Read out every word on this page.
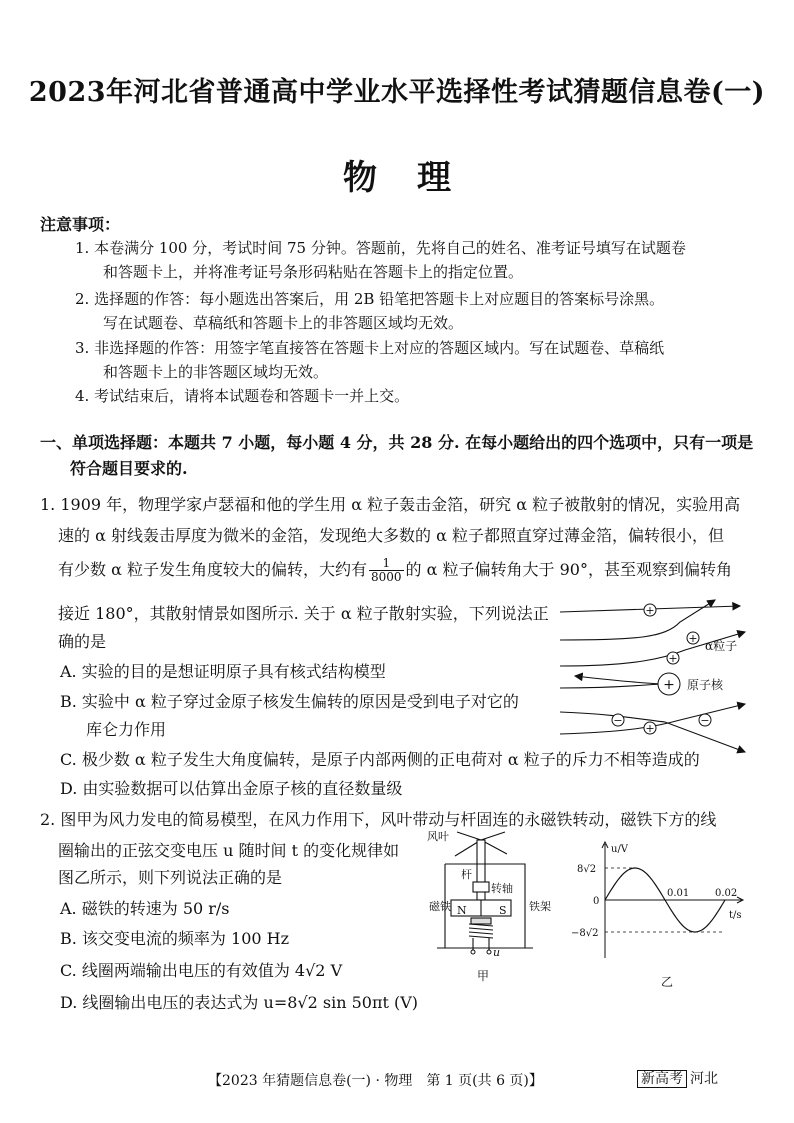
2023年河北省普通高中学业水平选择性考试猜题信息卷(一)
物理
注意事项：
1. 本卷满分 100 分，考试时间 75 分钟。答题前，先将自己的姓名、准考证号填写在试题卷
和答题卡上，并将准考证号条形码粘贴在答题卡上的指定位置。
2. 选择题的作答：每小题选出答案后，用 2B 铅笔把答题卡上对应题目的答案标号涂黑。
写在试题卷、草稿纸和答题卡上的非答题区域均无效。
3. 非选择题的作答：用签字笔直接答在答题卡上对应的答题区域内。写在试题卷、草稿纸
和答题卡上的非答题区域均无效。
4. 考试结束后，请将本试题卷和答题卡一并上交。
一、单项选择题：本题共 7 小题，每小题 4 分，共 28 分. 在每小题给出的四个选项中，只有一项是
符合题目要求的.
1. 1909 年，物理学家卢瑟福和他的学生用 α 粒子轰击金箔，研究 α 粒子被散射的情况，实验用高
速的 α 射线轰击厚度为微米的金箔，发现绝大多数的 α 粒子都照直穿过薄金箔，偏转很小，但
有少数 α 粒子发生角度较大的偏转，大约有 $\frac{1}{8000}$ 的 α 粒子偏转角大于 90°，甚至观察到偏转角
接近 180°，其散射情景如图所示. 关于 α 粒子散射实验，下列说法正
确的是
A. 实验的目的是想证明原子具有核式结构模型
B. 实验中 α 粒子穿过金原子核发生偏转的原因是受到电子对它的
库仑力作用
C. 极少数 α 粒子发生大角度偏转，是原子内部两侧的正电荷对 α 粒子的斥力不相等造成的
D. 由实验数据可以估算出金原子核的直径数量级
+
+
+
+
−
+
−
α粒子
原子核
2. 图甲为风力发电的简易模型，在风力作用下，风叶带动与杆固连的永磁铁转动，磁铁下方的线
圈输出的正弦交变电压 u 随时间 t 的变化规律如
图乙所示，则下列说法正确的是
A. 磁铁的转速为 50 r/s
B. 该交变电流的频率为 100 Hz
C. 线圈两端输出电压的有效值为 4√2 V
D. 线圈输出电压的表达式为 u=8√2 sin 50πt (V)
风叶
杆
转轴
磁铁 N	S 铁架
u
甲
u/V
t/s
0
8√2
−8√2
0.01	0.02
乙
【2023 年猜题信息卷(一) · 物理　第 1 页(共 6 页)】	新高考 河北
